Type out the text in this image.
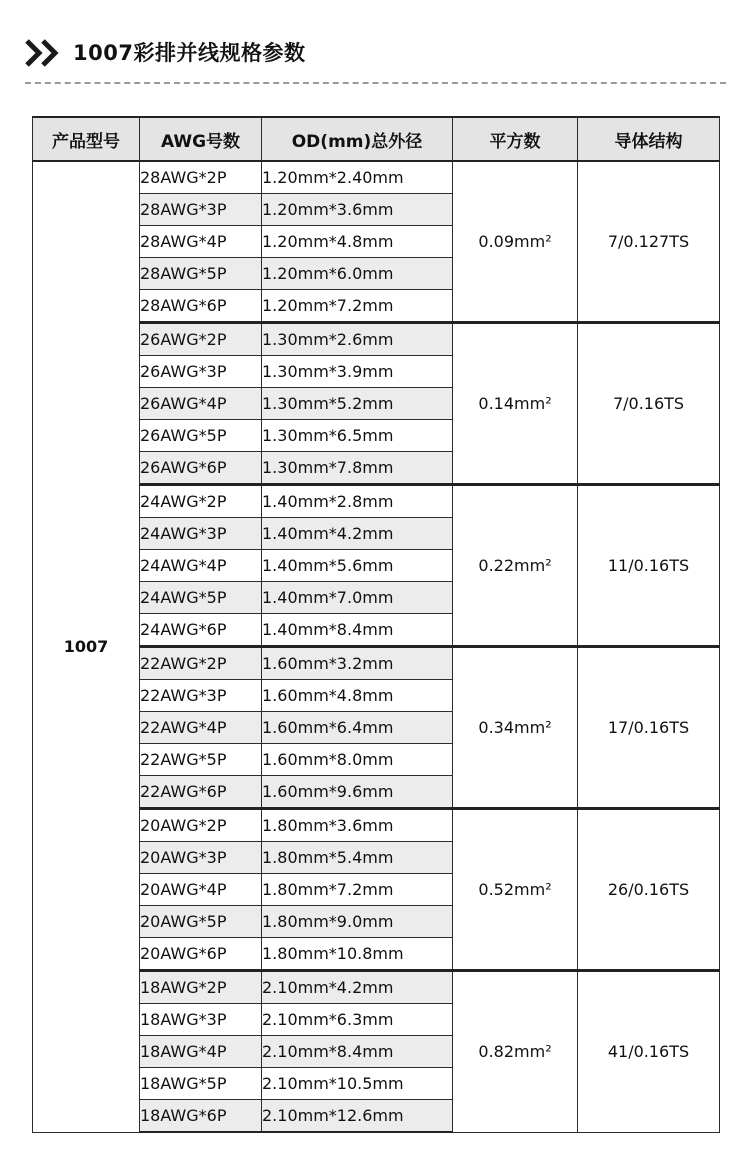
1007彩排并线规格参数
产品型号	AWG号数	OD(mm)总外径	平方数	导体结构
1007	28AWG*2P	1.20mm*2.40mm	0.09mm²	7/0.127TS
	28AWG*3P	1.20mm*3.6mm		
	28AWG*4P	1.20mm*4.8mm		
	28AWG*5P	1.20mm*6.0mm		
	28AWG*6P	1.20mm*7.2mm		
	26AWG*2P	1.30mm*2.6mm	0.14mm²	7/0.16TS
	26AWG*3P	1.30mm*3.9mm		
	26AWG*4P	1.30mm*5.2mm		
	26AWG*5P	1.30mm*6.5mm		
	26AWG*6P	1.30mm*7.8mm		
	24AWG*2P	1.40mm*2.8mm	0.22mm²	11/0.16TS
	24AWG*3P	1.40mm*4.2mm		
	24AWG*4P	1.40mm*5.6mm		
	24AWG*5P	1.40mm*7.0mm		
	24AWG*6P	1.40mm*8.4mm		
	22AWG*2P	1.60mm*3.2mm	0.34mm²	17/0.16TS
	22AWG*3P	1.60mm*4.8mm		
	22AWG*4P	1.60mm*6.4mm		
	22AWG*5P	1.60mm*8.0mm		
	22AWG*6P	1.60mm*9.6mm		
	20AWG*2P	1.80mm*3.6mm	0.52mm²	26/0.16TS
	20AWG*3P	1.80mm*5.4mm		
	20AWG*4P	1.80mm*7.2mm		
	20AWG*5P	1.80mm*9.0mm		
	20AWG*6P	1.80mm*10.8mm		
	18AWG*2P	2.10mm*4.2mm	0.82mm²	41/0.16TS
	18AWG*3P	2.10mm*6.3mm		
	18AWG*4P	2.10mm*8.4mm		
	18AWG*5P	2.10mm*10.5mm		
	18AWG*6P	2.10mm*12.6mm		
